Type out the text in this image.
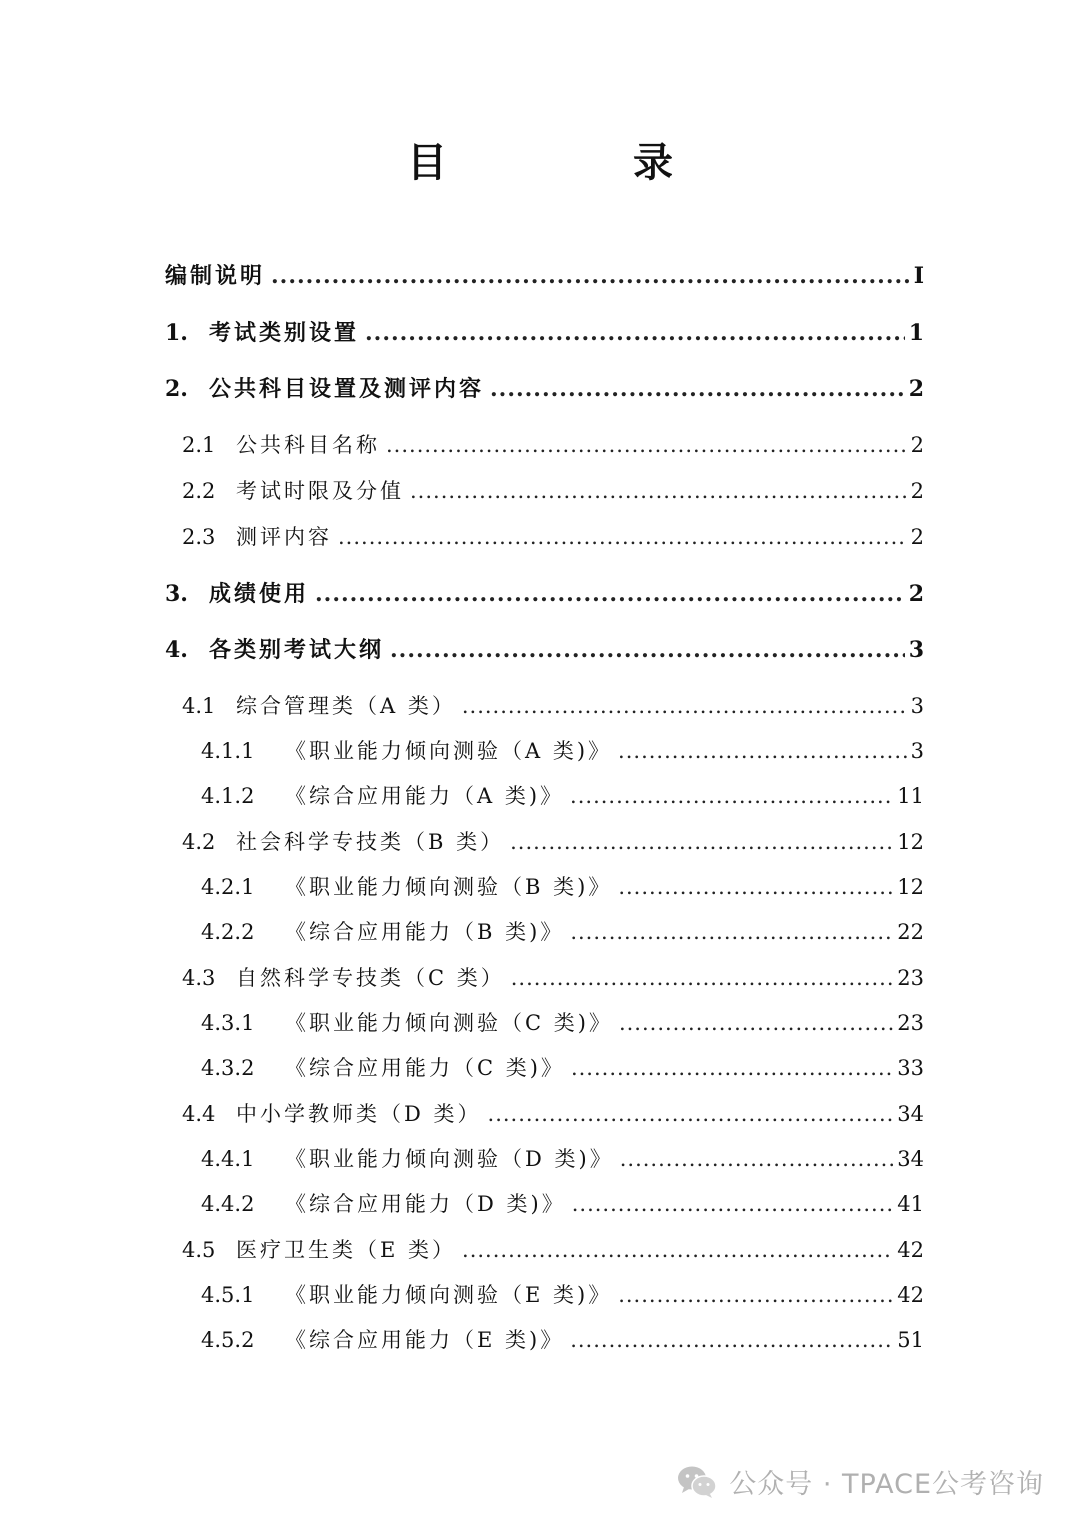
目 录
编制说明 .....	I
1. 考试类别设置 .....	1
2. 公共科目设置及测评内容 .....	2
2.1 公共科目名称 .....	2
2.2 考试时限及分值 .....	2
2.3 测评内容 .....	2
3. 成绩使用 .....	2
4. 各类别考试大纲 .....	3
4.1 综合管理类（A 类） .....	3
4.1.1	《职业能力倾向测验（A 类)》 .....	3
4.1.2	《综合应用能力（A 类)》 .....	11
4.2 社会科学专技类（B 类） .....	12
4.2.1	《职业能力倾向测验（B 类)》 .....	12
4.2.2	《综合应用能力（B 类)》 .....	22
4.3 自然科学专技类（C 类） .....	23
4.3.1	《职业能力倾向测验（C 类)》 .....	23
4.3.2	《综合应用能力（C 类)》 .....	33
4.4 中小学教师类（D 类） .....	34
4.4.1	《职业能力倾向测验（D 类)》 .....	34
4.4.2	《综合应用能力（D 类)》 .....	41
4.5 医疗卫生类（E 类） .....	42
4.5.1	《职业能力倾向测验（E 类)》 .....	42
4.5.2	《综合应用能力（E 类)》 .....	51
公众号 · TPACE公考咨询
